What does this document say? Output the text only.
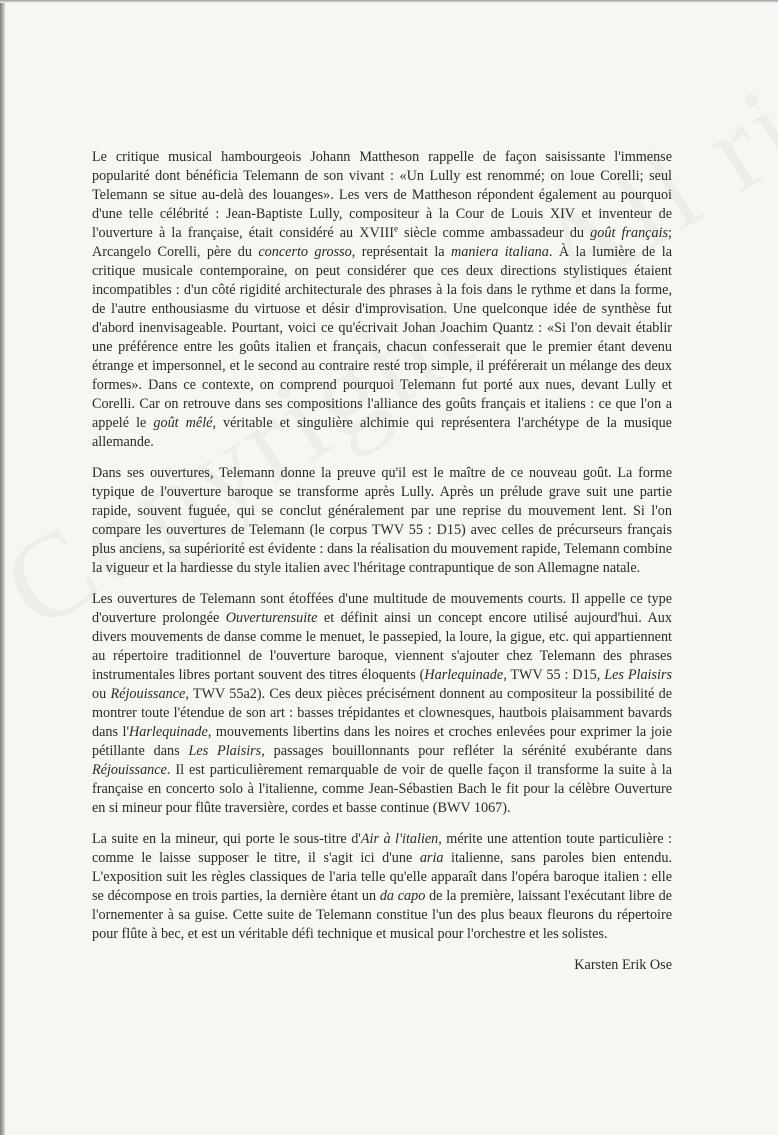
Le critique musical hambourgeois Johann Mattheson rappelle de façon saisissante l'immense popularité dont bénéficia Telemann de son vivant : «Un Lully est renommé; on loue Corelli; seul Telemann se situe au-delà des louanges». Les vers de Mattheson répondent également au pourquoi d'une telle célébrité : Jean-Baptiste Lully, compositeur à la Cour de Louis XIV et inventeur de l'ouverture à la française, était considéré au XVIIIe siècle comme ambassadeur du goût français; Arcangelo Corelli, père du concerto grosso, représentait la maniera italiana. À la lumière de la critique musicale contemporaine, on peut considérer que ces deux directions stylistiques étaient incompatibles : d'un côté rigidité architecturale des phrases à la fois dans le rythme et dans la forme, de l'autre enthousiasme du virtuose et désir d'improvisation. Une quelconque idée de synthèse fut d'abord inenvisageable. Pourtant, voici ce qu'écrivait Johan Joachim Quantz : «Si l'on devait établir une préférence entre les goûts italien et français, chacun confesserait que le premier étant devenu étrange et impersonnel, et le second au contraire resté trop simple, il préférerait un mélange des deux formes». Dans ce contexte, on comprend pourquoi Telemann fut porté aux nues, devant Lully et Corelli. Car on retrouve dans ses compositions l'alliance des goûts français et italiens : ce que l'on a appelé le goût mêlé, véritable et singulière alchimie qui représentera l'archétype de la musique allemande.

Dans ses ouvertures, Telemann donne la preuve qu'il est le maître de ce nouveau goût. La forme typique de l'ouverture baroque se transforme après Lully. Après un prélude grave suit une partie rapide, souvent fuguée, qui se conclut généralement par une reprise du mouvement lent. Si l'on compare les ouvertures de Telemann (le corpus TWV 55 : D15) avec celles de précurseurs français plus anciens, sa supériorité est évidente : dans la réalisation du mouvement rapide, Telemann combine la vigueur et la hardiesse du style italien avec l'héritage contrapuntique de son Allemagne natale.

Les ouvertures de Telemann sont étoffées d'une multitude de mouvements courts. Il appelle ce type d'ouverture prolongée Ouverturensuite et définit ainsi un concept encore utilisé aujourd'hui. Aux divers mouvements de danse comme le menuet, le passepied, la loure, la gigue, etc. qui appartiennent au répertoire traditionnel de l'ouverture baroque, viennent s'ajouter chez Telemann des phrases instrumentales libres portant souvent des titres éloquents (Harlequinade, TWV 55 : D15, Les Plaisirs ou Réjouissance, TWV 55a2). Ces deux pièces précisément donnent au compositeur la possibilité de montrer toute l'étendue de son art : basses trépidantes et clownesques, hautbois plaisamment bavards dans l'Harlequinade, mouvements libertins dans les noires et croches enlevées pour exprimer la joie pétillante dans Les Plaisirs, passages bouillonnants pour refléter la sérénité exubérante dans Réjouissance. Il est particulièrement remarquable de voir de quelle façon il transforme la suite à la française en concerto solo à l'italienne, comme Jean-Sébastien Bach le fit pour la célèbre Ouverture en si mineur pour flûte traversière, cordes et basse continue (BWV 1067).

La suite en la mineur, qui porte le sous-titre d'Air à l'italien, mérite une attention toute particulière : comme le laisse supposer le titre, il s'agit ici d'une aria italienne, sans paroles bien entendu. L'exposition suit les règles classiques de l'aria telle qu'elle apparaît dans l'opéra baroque italien : elle se décompose en trois parties, la dernière étant un da capo de la première, laissant l'exécutant libre de l'ornementer à sa guise. Cette suite de Telemann constitue l'un des plus beaux fleurons du répertoire pour flûte à bec, et est un véritable défi technique et musical pour l'orchestre et les solistes.

Karsten Erik Ose
